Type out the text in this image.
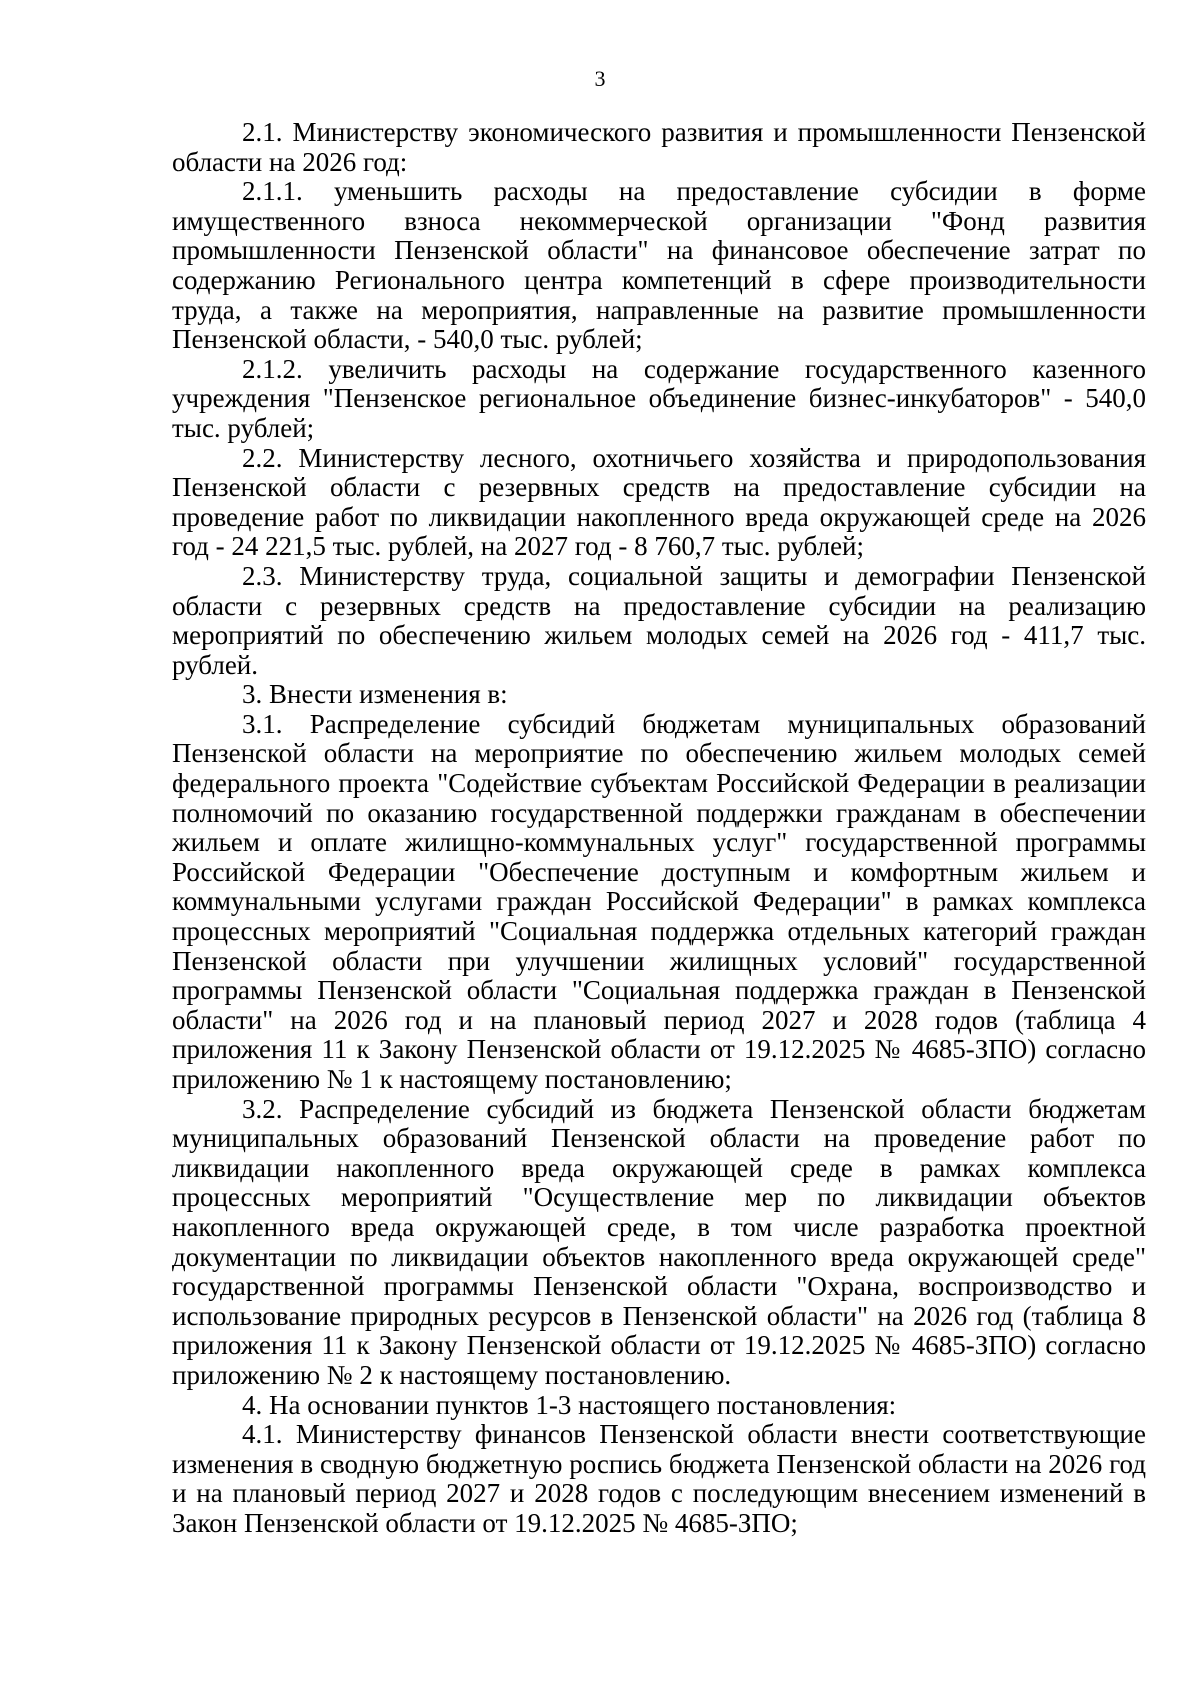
3

2.1. Министерству экономического развития и промышленности Пензенской области на 2026 год:

2.1.1. уменьшить расходы на предоставление субсидии в форме имущественного взноса некоммерческой организации "Фонд развития промышленности Пензенской области" на финансовое обеспечение затрат по содержанию Регионального центра компетенций в сфере производительности труда, а также на мероприятия, направленные на развитие промышленности Пензенской области, - 540,0 тыс. рублей;

2.1.2. увеличить расходы на содержание государственного казенного учреждения "Пензенское региональное объединение бизнес-инкубаторов" - 540,0 тыс. рублей;

2.2. Министерству лесного, охотничьего хозяйства и природопользования Пензенской области с резервных средств на предоставление субсидии на проведение работ по ликвидации накопленного вреда окружающей среде на 2026 год - 24 221,5 тыс. рублей, на 2027 год - 8 760,7 тыс. рублей;

2.3. Министерству труда, социальной защиты и демографии Пензенской области с резервных средств на предоставление субсидии на реализацию мероприятий по обеспечению жильем молодых семей на 2026 год - 411,7 тыс. рублей.

3. Внести изменения в:

3.1. Распределение субсидий бюджетам муниципальных образований Пензенской области на мероприятие по обеспечению жильем молодых семей федерального проекта "Содействие субъектам Российской Федерации в реализации полномочий по оказанию государственной поддержки гражданам в обеспечении жильем и оплате жилищно-коммунальных услуг" государственной программы Российской Федерации "Обеспечение доступным и комфортным жильем и коммунальными услугами граждан Российской Федерации" в рамках комплекса процессных мероприятий "Социальная поддержка отдельных категорий граждан Пензенской области при улучшении жилищных условий" государственной программы Пензенской области "Социальная поддержка граждан в Пензенской области" на 2026 год и на плановый период 2027 и 2028 годов (таблица 4 приложения 11 к Закону Пензенской области от 19.12.2025 № 4685-ЗПО) согласно приложению № 1 к настоящему постановлению;

3.2. Распределение субсидий из бюджета Пензенской области бюджетам муниципальных образований Пензенской области на проведение работ по ликвидации накопленного вреда окружающей среде в рамках комплекса процессных мероприятий "Осуществление мер по ликвидации объектов накопленного вреда окружающей среде, в том числе разработка проектной документации по ликвидации объектов накопленного вреда окружающей среде" государственной программы Пензенской области "Охрана, воспроизводство и использование природных ресурсов в Пензенской области" на 2026 год (таблица 8 приложения 11 к Закону Пензенской области от 19.12.2025 № 4685-ЗПО) согласно приложению № 2 к настоящему постановлению.

4. На основании пунктов 1-3 настоящего постановления:

4.1. Министерству финансов Пензенской области внести соответствующие изменения в сводную бюджетную роспись бюджета Пензенской области на 2026 год и на плановый период 2027 и 2028 годов с последующим внесением изменений в Закон Пензенской области от 19.12.2025 № 4685-ЗПО;
